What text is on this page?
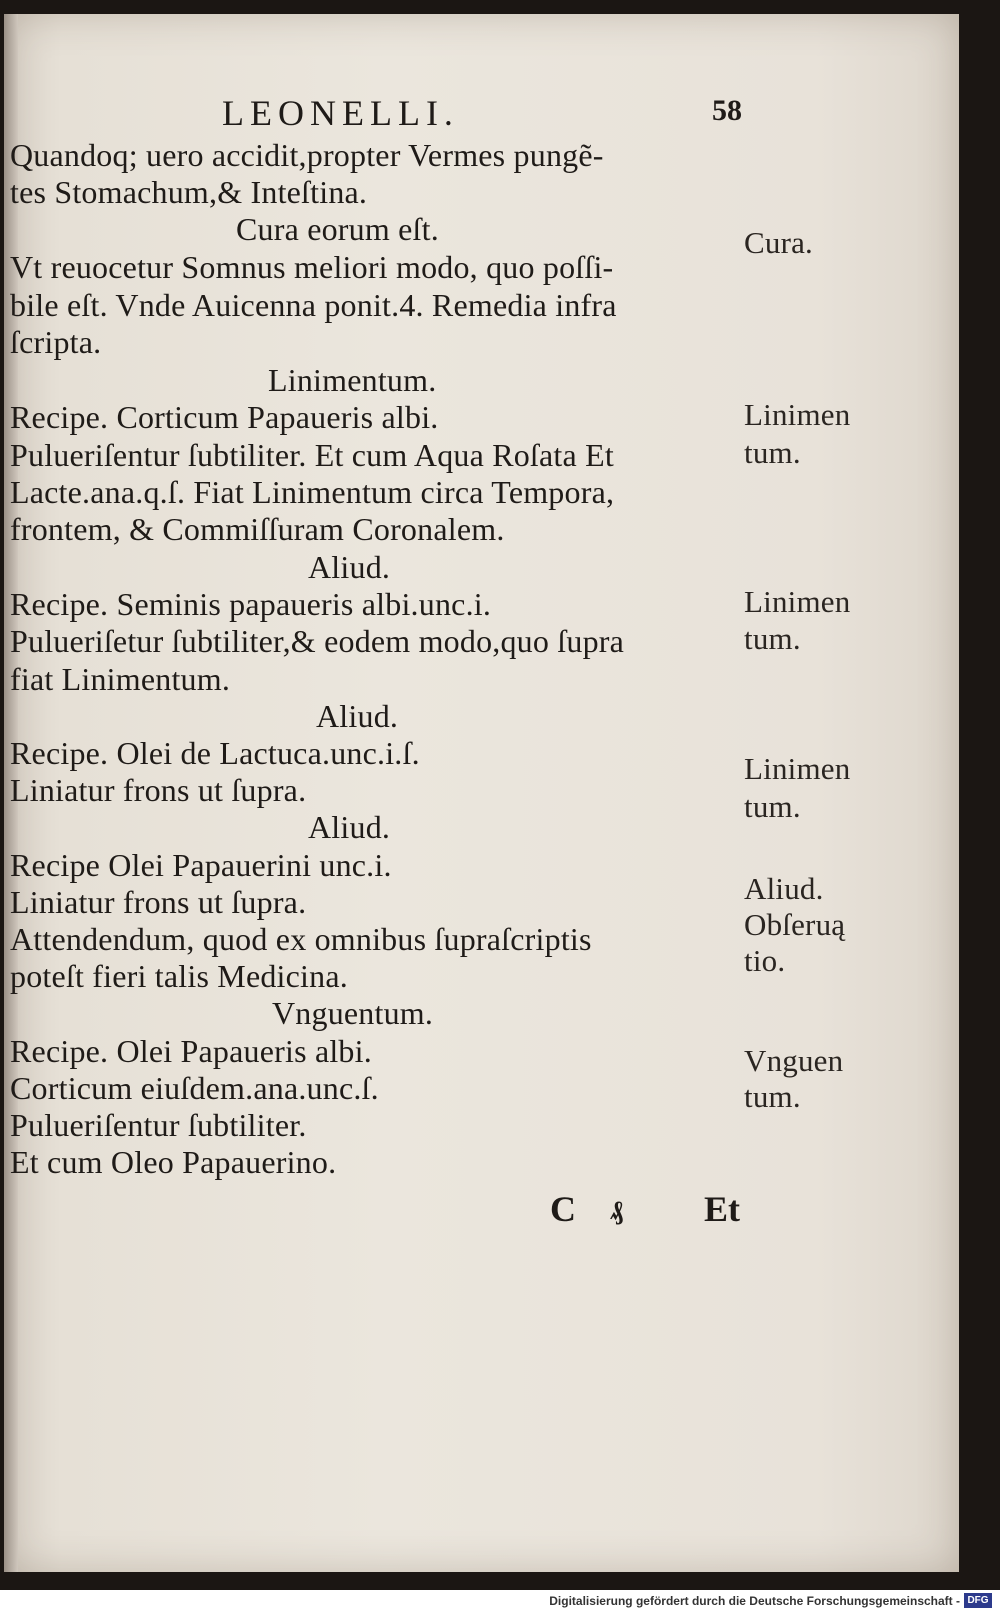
LEONELLI.	58
Quandoq; uero accidit,propter Vermes pungẽ-
tes Stomachum,& Inteſtina.
Cura eorum eſt.
Vt reuocetur Somnus meliori modo, quo poſſi-
bile eſt. Vnde Auicenna ponit.4. Remedia infra
ſcripta.
Linimentum.
Recipe. Corticum Papaueris albi.
Pulueriſentur ſubtiliter. Et cum Aqua Roſata Et
Lacte.ana.q.ſ. Fiat Linimentum circa Tempora,
frontem, & Commiſſuram Coronalem.
Aliud.
Recipe. Seminis papaueris albi.unc.i.
Pulueriſetur ſubtiliter,& eodem modo,quo ſupra
fiat Linimentum.
Aliud.
Recipe. Olei de Lactuca.unc.i.ſ.
Liniatur frons ut ſupra.
Aliud.
Recipe Olei Papauerini unc.i.
Liniatur frons ut ſupra.
Attendendum, quod ex omnibus ſupraſcriptis
poteſt fieri talis Medicina.
Vnguentum.
Recipe. Olei Papaueris albi.
Corticum eiuſdem.ana.unc.ſ.
Pulueriſentur ſubtiliter.
Et cum Oleo Papauerino.
Cura.
Linimen
tum.
Linimen
tum.
Linimen
tum.
Aliud.
Obſeruą
tio.
Vnguen
tum.
C ₰ Et
Digitalisierung gefördert durch die Deutsche Forschungsgemeinschaft - DFG
